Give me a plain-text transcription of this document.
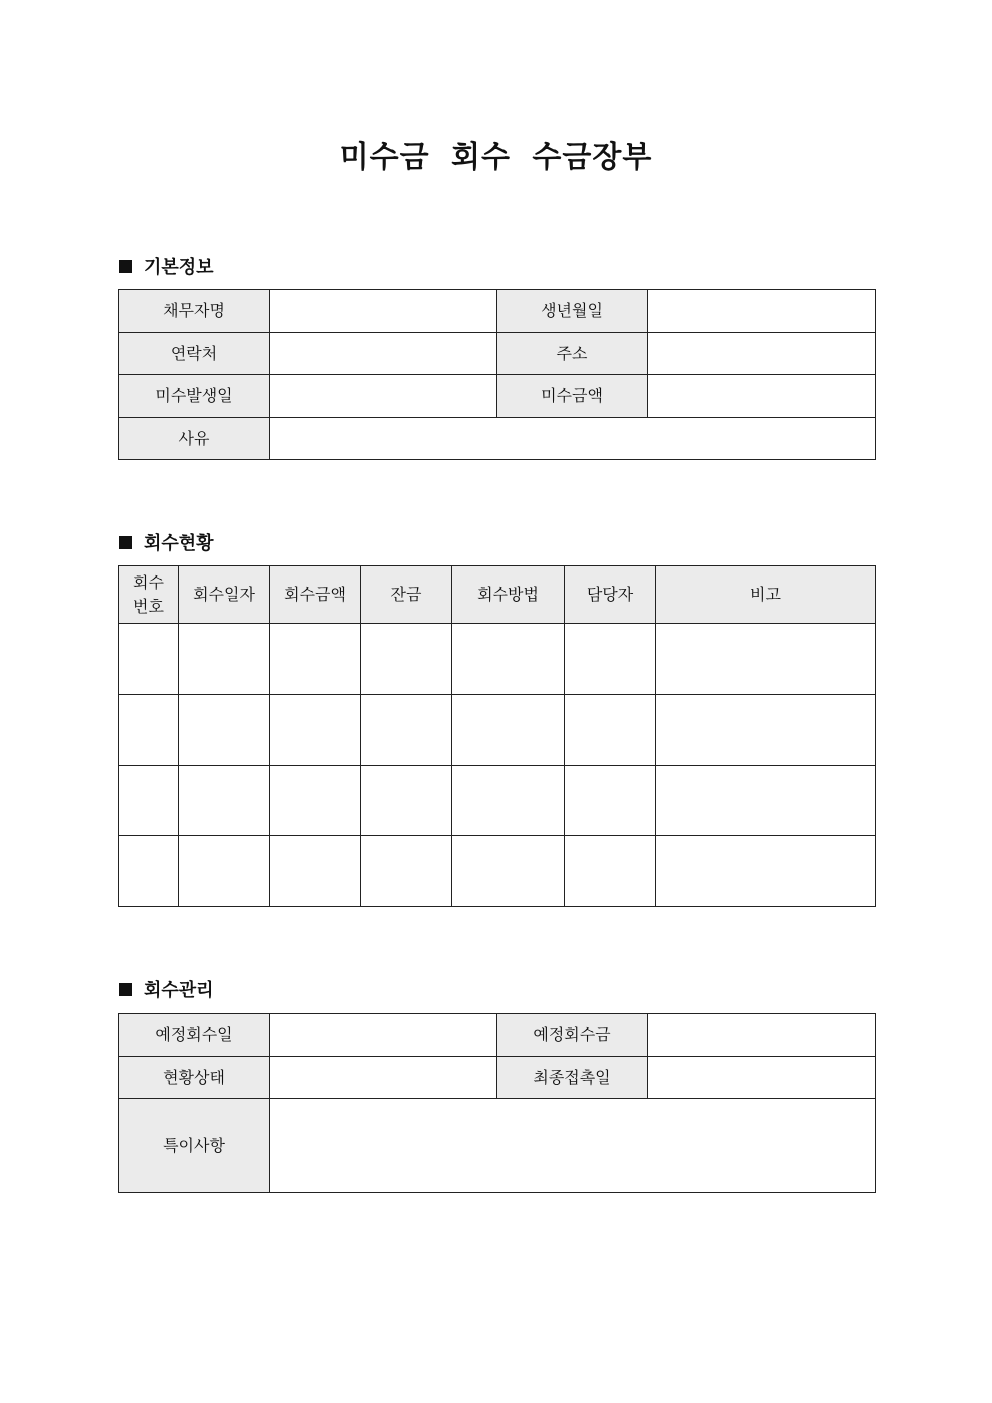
미수금 회수 수금장부
기본정보
채무자명		생년월일	
연락처		주소	
미수발생일		미수금액	
사유			
회수현황
회수
번호	회수일자	회수금액	잔금	회수방법	담당자	비고

회수관리
예정회수일		예정회수금	
현황상태		최종접촉일	
특이사항			
